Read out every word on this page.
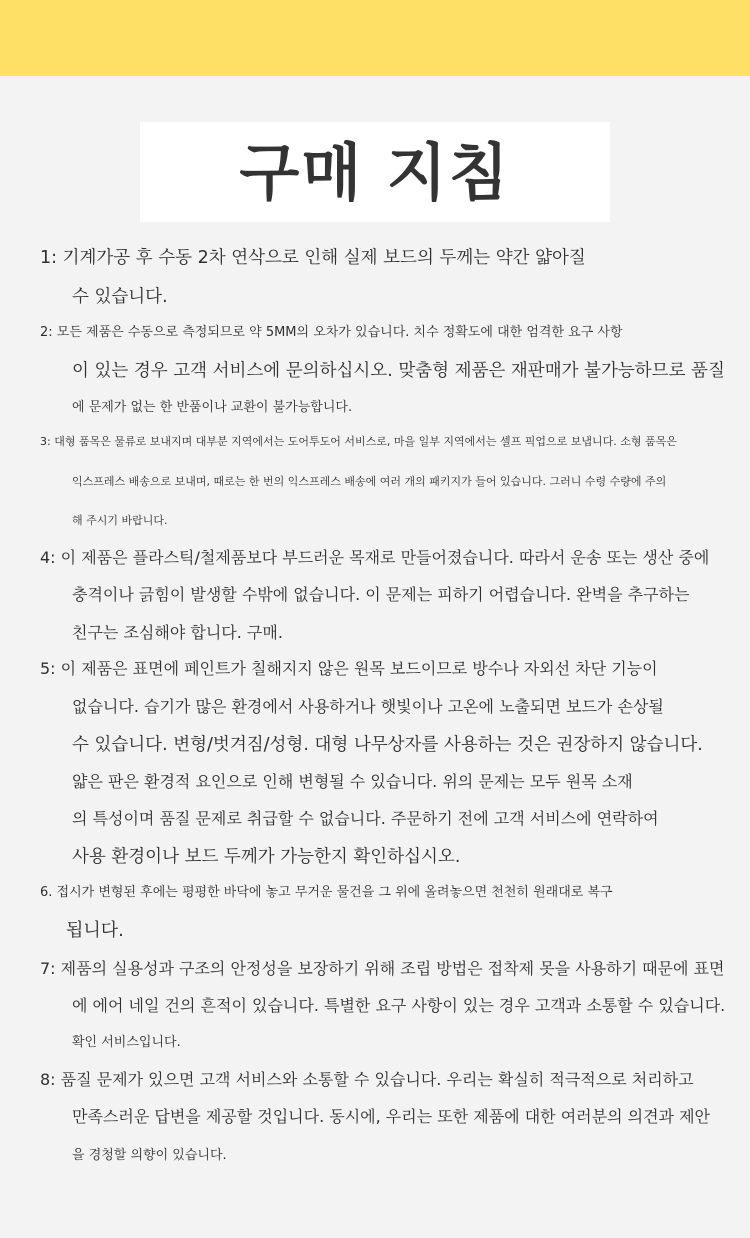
구매 지침
1: 기계가공 후 수동 2차 연삭으로 인해 실제 보드의 두께는 약간 얇아질
수 있습니다.
2: 모든 제품은 수동으로 측정되므로 약 5MM의 오차가 있습니다. 치수 정확도에 대한 엄격한 요구 사항
이 있는 경우 고객 서비스에 문의하십시오. 맞춤형 제품은 재판매가 불가능하므로 품질
에 문제가 없는 한 반품이나 교환이 불가능합니다.
3: 대형 품목은 물류로 보내지며 대부분 지역에서는 도어투도어 서비스로, 마을 일부 지역에서는 셀프 픽업으로 보냅니다. 소형 품목은
익스프레스 배송으로 보내며, 때로는 한 번의 익스프레스 배송에 여러 개의 패키지가 들어 있습니다. 그러니 수령 수량에 주의
해 주시기 바랍니다.
4: 이 제품은 플라스틱/철제품보다 부드러운 목재로 만들어졌습니다. 따라서 운송 또는 생산 중에
충격이나 긁힘이 발생할 수밖에 없습니다. 이 문제는 피하기 어렵습니다. 완벽을 추구하는
친구는 조심해야 합니다. 구매.
5: 이 제품은 표면에 페인트가 칠해지지 않은 원목 보드이므로 방수나 자외선 차단 기능이
없습니다. 습기가 많은 환경에서 사용하거나 햇빛이나 고온에 노출되면 보드가 손상될
수 있습니다. 변형/벗겨짐/성형. 대형 나무상자를 사용하는 것은 권장하지 않습니다.
얇은 판은 환경적 요인으로 인해 변형될 수 있습니다. 위의 문제는 모두 원목 소재
의 특성이며 품질 문제로 취급할 수 없습니다. 주문하기 전에 고객 서비스에 연락하여
사용 환경이나 보드 두께가 가능한지 확인하십시오.
6. 접시가 변형된 후에는 평평한 바닥에 놓고 무거운 물건을 그 위에 올려놓으면 천천히 원래대로 복구
됩니다.
7: 제품의 실용성과 구조의 안정성을 보장하기 위해 조립 방법은 접착제 못을 사용하기 때문에 표면
에 에어 네일 건의 흔적이 있습니다. 특별한 요구 사항이 있는 경우 고객과 소통할 수 있습니다.
확인 서비스입니다.
8: 품질 문제가 있으면 고객 서비스와 소통할 수 있습니다. 우리는 확실히 적극적으로 처리하고
만족스러운 답변을 제공할 것입니다. 동시에, 우리는 또한 제품에 대한 여러분의 의견과 제안
을 경청할 의향이 있습니다.
